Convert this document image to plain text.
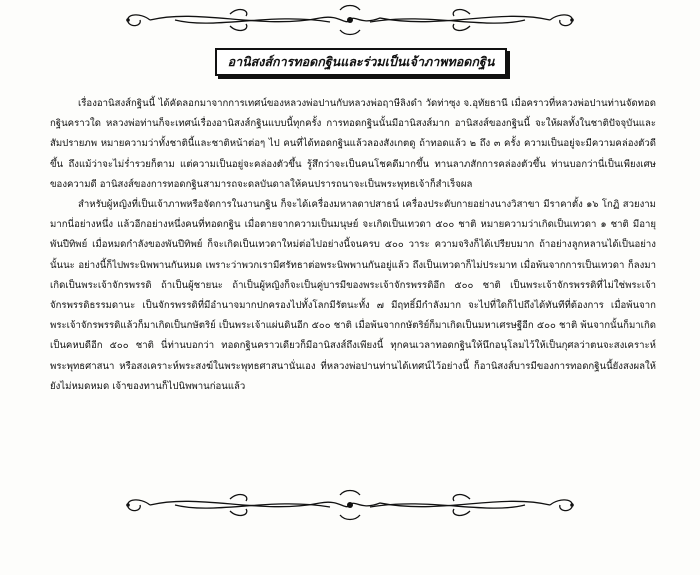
อานิสงส์การทอดกฐินและร่วมเป็นเจ้าภาพทอดกฐิน

เรื่องอานิสงส์กฐินนี้ ได้คัดลอกมาจากการเทศน์ของหลวงพ่อปานกับหลวงพ่อฤาษีลิงดำ วัดท่าซุง จ.อุทัยธานี เมื่อคราวที่หลวงพ่อปานท่านจัดทอดกฐินคราวใด หลวงพ่อท่านก็จะเทศน์เรื่องอานิสงส์กฐินแบบนี้ทุกครั้ง การทอดกฐินนั้นมีอานิสงส์มาก อานิสงส์ของกฐินนี้ จะให้ผลทั้งในชาติปัจจุบันและสัมปรายภพ หมายความว่าทั้งชาตินี้และชาติหน้าต่อๆ ไป คนที่ได้ทอดกฐินแล้วลองสังเกตดู ถ้าทอดแล้ว ๒ ถึง ๓ ครั้ง ความเป็นอยู่จะมีความคล่องตัวดีขึ้น ถึงแม้ว่าจะไม่ร่ำรวยก็ตาม แต่ความเป็นอยู่จะคล่องตัวขึ้น รู้สึกว่าจะเป็นคนโชคดีมากขึ้น ทานลาภสักการคล่องตัวขึ้น ท่านบอกว่านี่เป็นเพียงเศษของความดี อานิสงส์ของการทอดกฐินสามารถจะดลบันดาลให้คนปรารถนาจะเป็นพระพุทธเจ้าก็สำเร็จผล

สำหรับผู้หญิงที่เป็นเจ้าภาพหรือจัดการในงานกฐิน ก็จะได้เครื่องมหาลดาปสาธน์ เครื่องประดับกายอย่างนางวิสาขา มีราคาตั้ง ๑๖ โกฏิ สวยงามมากนี่อย่างหนึ่ง แล้วอีกอย่างหนึ่งคนที่ทอดกฐิน เมื่อตายจากความเป็นมนุษย์ จะเกิดเป็นเทวดา ๕๐๐ ชาติ หมายความว่าเกิดเป็นเทวดา ๑ ชาติ มีอายุพันปีทิพย์ เมื่อหมดกำลังของพันปีทิพย์ ก็จะเกิดเป็นเทวดาใหม่ต่อไปอย่างนี้จนครบ ๕๐๐ วาระ ความจริงก็ได้เปรียบมาก ถ้าอย่างลูกหลานได้เป็นอย่างนั้นนะ อย่างนี้ก็ไปพระนิพพานกันหมด เพราะว่าพวกเรามีศรัทธาต่อพระนิพพานกันอยู่แล้ว ถึงเป็นเทวดาก็ไม่ประมาท เมื่อพ้นจากการเป็นเทวดา ก็ลงมาเกิดเป็นพระเจ้าจักรพรรดิ ถ้าเป็นผู้ชายนะ ถ้าเป็นผู้หญิงก็จะเป็นคู่บารมีของพระเจ้าจักรพรรดิอีก ๕๐๐ ชาติ เป็นพระเจ้าจักรพรรดิที่ไม่ใช่พระเจ้าจักรพรรดิธรรมดานะ เป็นจักรพรรดิที่มีอำนาจมากปกครองไปทั้งโลกมีรัตนะทั้ง ๗ มีฤทธิ์มีกำลังมาก จะไปที่ใดก็ไปถึงได้ทันทีที่ต้องการ เมื่อพ้นจากพระเจ้าจักรพรรดิแล้วก็มาเกิดเป็นกษัตริย์ เป็นพระเจ้าแผ่นดินอีก ๕๐๐ ชาติ เมื่อพ้นจากกษัตริย์ก็มาเกิดเป็นมหาเศรษฐีอีก ๕๐๐ ชาติ พ้นจากนั้นก็มาเกิดเป็นคหบดีอีก ๕๐๐ ชาติ นี่ท่านบอกว่า ทอดกฐินคราวเดียวก็มีอานิสงส์ถึงเพียงนี้ ทุกคนเวลาทอดกฐินให้นึกอนุโลมไว้ให้เป็นกุศลว่าตนจะสงเคราะห์พระพุทธศาสนา หรือสงเคราะห์พระสงฆ์ในพระพุทธศาสนานั่นเอง ที่หลวงพ่อปานท่านได้เทศน์ไว้อย่างนี้ ก็อานิสงส์บารมีของการทอดกฐินนี้ยังสงผลให้ยังไม่หมดหมด เจ้าของทานก็ไปนิพพานก่อนแล้ว
